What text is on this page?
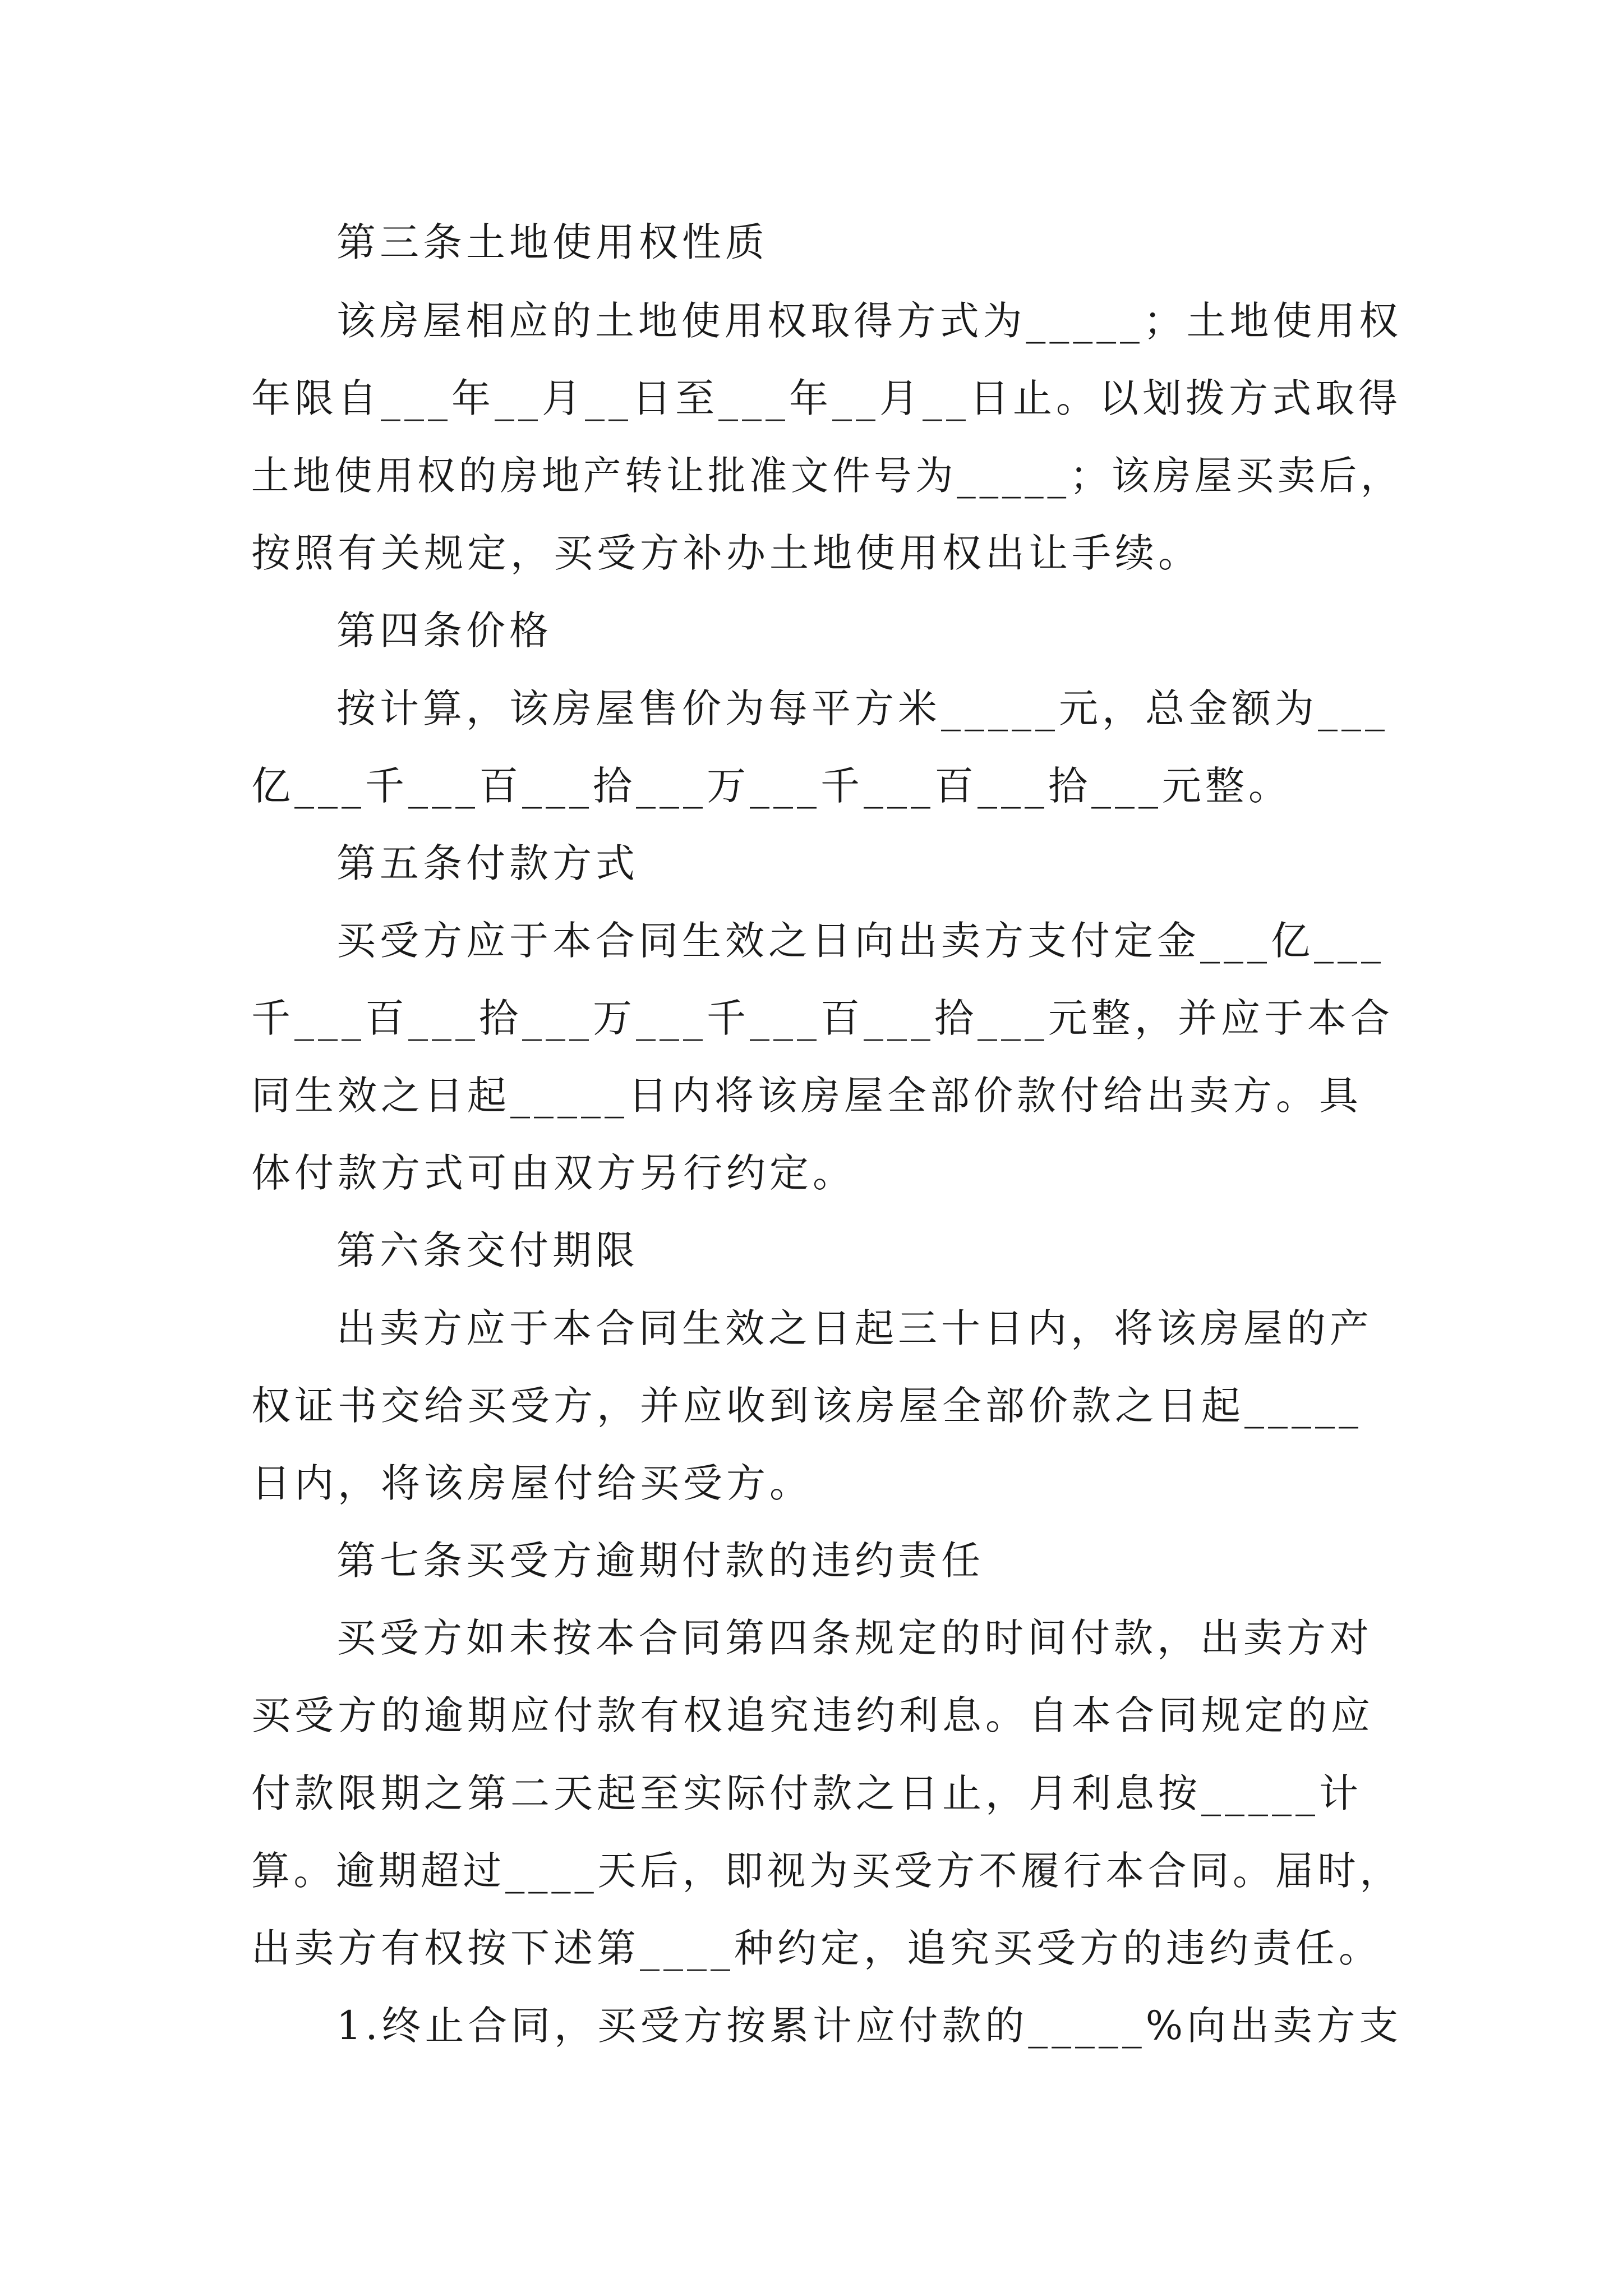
第三条土地使用权性质

该房屋相应的土地使用权取得方式为_____；土地使用权

年限自___年__月__日至___年__月__日止。以划拨方式取得

土地使用权的房地产转让批准文件号为_____；该房屋买卖后，

按照有关规定，买受方补办土地使用权出让手续。

第四条价格

按计算，该房屋售价为每平方米_____元，总金额为___

亿___千___百___拾___万___千___百___拾___元整。

第五条付款方式

买受方应于本合同生效之日向出卖方支付定金___亿___

千___百___拾___万___千___百___拾___元整，并应于本合

同生效之日起_____日内将该房屋全部价款付给出卖方。具

体付款方式可由双方另行约定。

第六条交付期限

出卖方应于本合同生效之日起三十日内，将该房屋的产

权证书交给买受方，并应收到该房屋全部价款之日起_____

日内，将该房屋付给买受方。

第七条买受方逾期付款的违约责任

买受方如未按本合同第四条规定的时间付款，出卖方对

买受方的逾期应付款有权追究违约利息。自本合同规定的应

付款限期之第二天起至实际付款之日止，月利息按_____计

算。逾期超过____天后，即视为买受方不履行本合同。届时，

出卖方有权按下述第____种约定，追究买受方的违约责任。

1.终止合同，买受方按累计应付款的_____%向出卖方支
